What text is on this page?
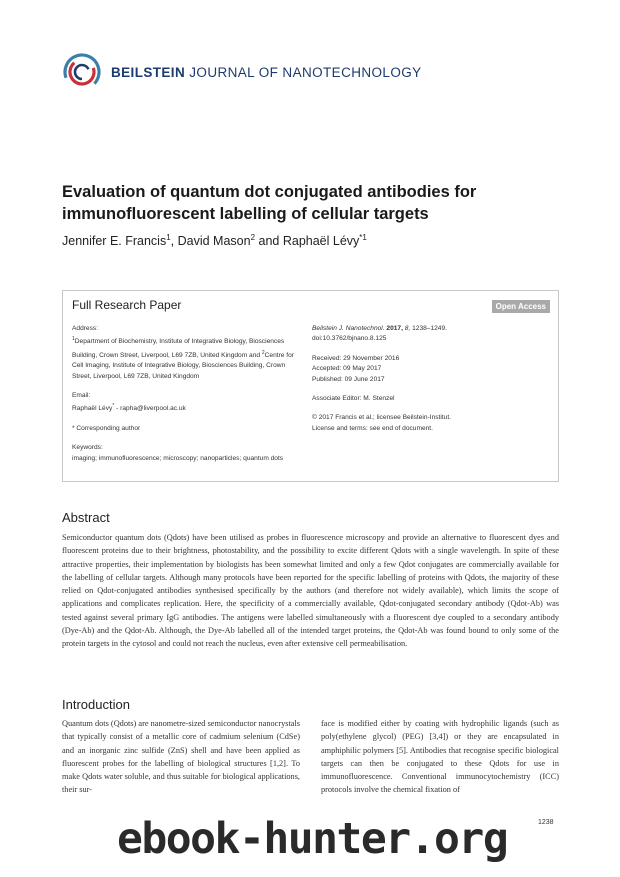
BEILSTEIN JOURNAL OF NANOTECHNOLOGY
Evaluation of quantum dot conjugated antibodies for immunofluorescent labelling of cellular targets
Jennifer E. Francis$^1$, David Mason$^2$ and Raphaël Lévy$^{*1}$
Full Research Paper	Open Access

Address:
$^1$Department of Biochemistry, Institute of Integrative Biology, Biosciences Building, Crown Street, Liverpool, L69 7ZB, United Kingdom and $^2$Centre for Cell Imaging, Institute of Integrative Biology, Biosciences Building, Crown Street, Liverpool, L69 7ZB, United Kingdom

Email:
Raphaël Lévy* - rapha@liverpool.ac.uk

* Corresponding author

Keywords:
imaging; immunofluorescence; microscopy; nanoparticles; quantum dots

Beilstein J. Nanotechnol. 2017, 8, 1238–1249.
doi:10.3762/bjnano.8.125

Received: 29 November 2016
Accepted: 09 May 2017
Published: 09 June 2017

Associate Editor: M. Stenzel

© 2017 Francis et al.; licensee Beilstein-Institut.
License and terms: see end of document.

Abstract
Semiconductor quantum dots (Qdots) have been utilised as probes in fluorescence microscopy and provide an alternative to fluorescent dyes and fluorescent proteins due to their brightness, photostability, and the possibility to excite different Qdots with a single wavelength. In spite of these attractive properties, their implementation by biologists has been somewhat limited and only a few Qdot conjugates are commercially available for the labelling of cellular targets. Although many protocols have been reported for the specific labelling of proteins with Qdots, the majority of these relied on Qdot-conjugated antibodies synthesised specifically by the authors (and therefore not widely available), which limits the scope of applications and complicates replication. Here, the specificity of a commercially available, Qdot-conjugated secondary antibody (Qdot-Ab) was tested against several primary IgG antibodies. The antigens were labelled simultaneously with a fluorescent dye coupled to a secondary antibody (Dye-Ab) and the Qdot-Ab. Although, the Dye-Ab labelled all of the intended target proteins, the Qdot-Ab was found bound to only some of the protein targets in the cytosol and could not reach the nucleus, even after extensive cell permeabilisation.
Introduction
Quantum dots (Qdots) are nanometre-sized semiconductor nanocrystals that typically consist of a metallic core of cadmium selenium (CdSe) and an inorganic zinc sulfide (ZnS) shell and have been applied as fluorescent probes for the labelling of biological structures [1,2]. To make Qdots water soluble, and thus suitable for biological applications, their sur-
face is modified either by coating with hydrophilic ligands (such as poly(ethylene glycol) (PEG) [3,4]) or they are encapsulated in amphiphilic polymers [5]. Antibodies that recognise specific biological targets can then be conjugated to these Qdots for use in immunofluorescence. Conventional immunocytochemistry (ICC) protocols involve the chemical fixation of
1238
ebook-hunter.org
